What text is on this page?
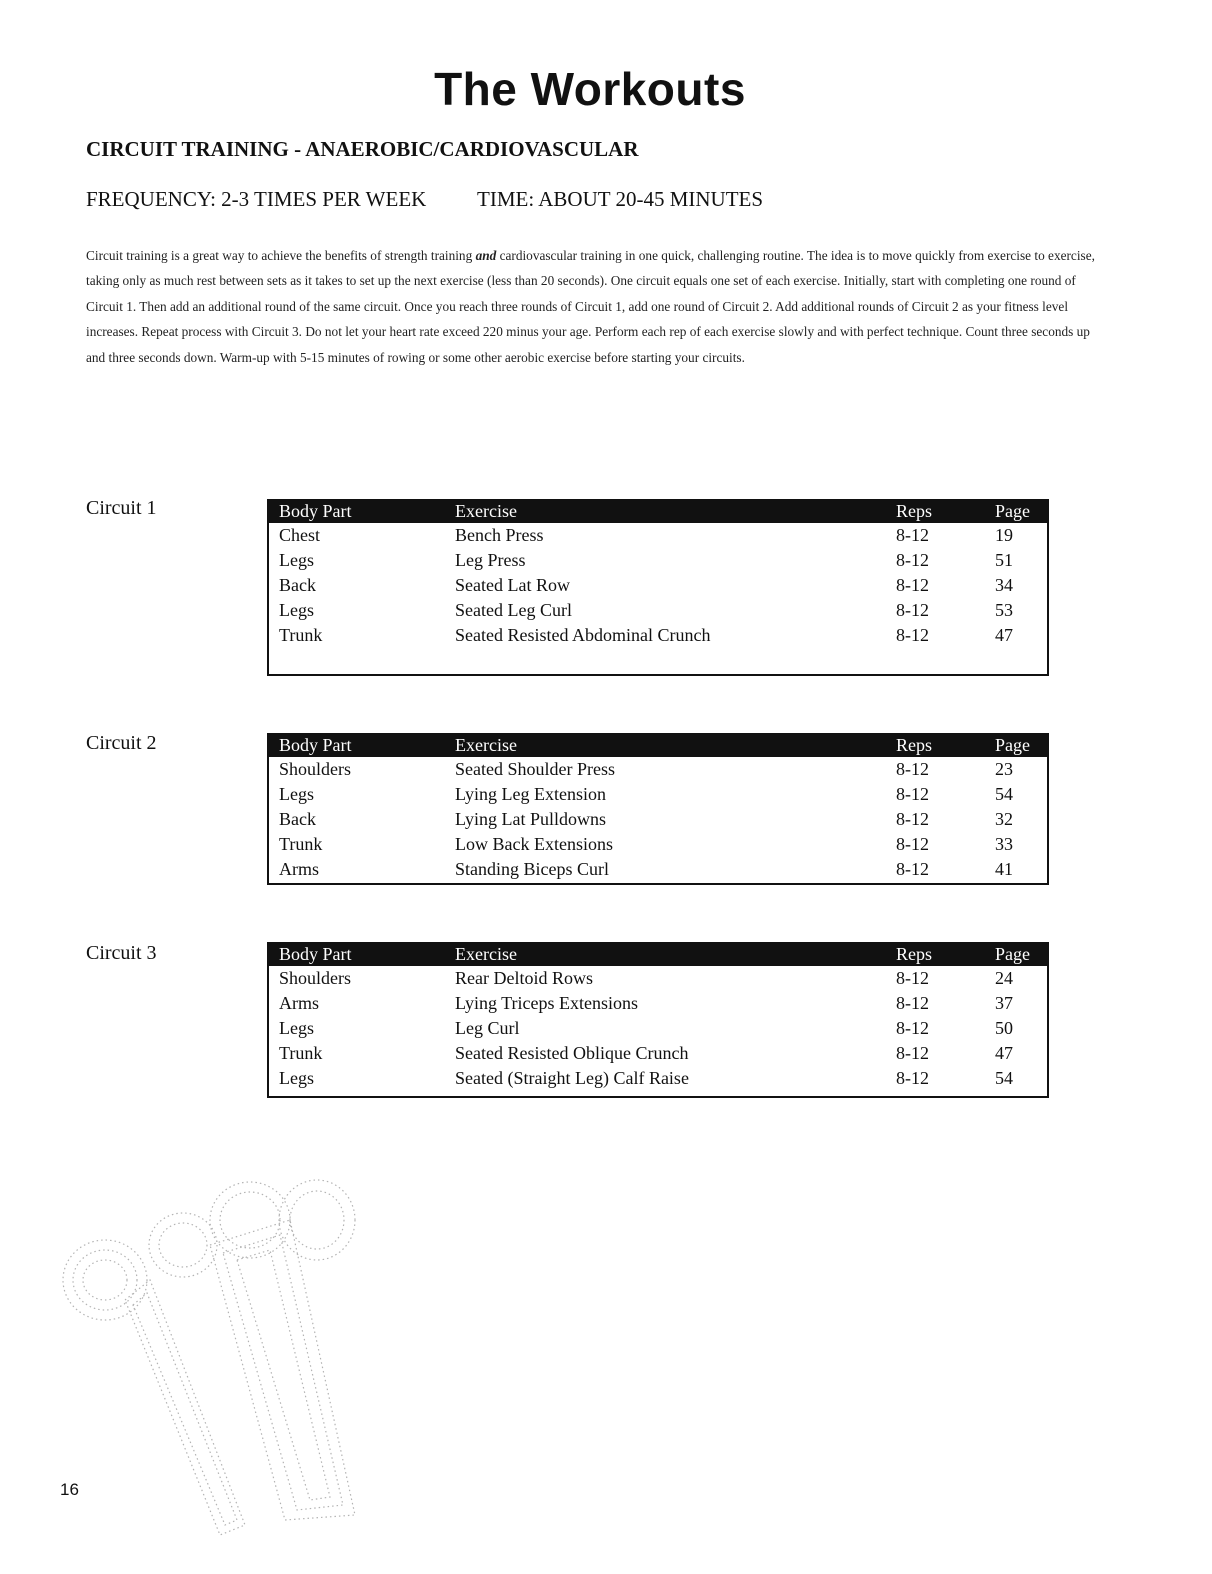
The Workouts
CIRCUIT TRAINING - ANAEROBIC/CARDIOVASCULAR

FREQUENCY: 2-3 TIMES PER WEEK TIME: ABOUT 20-45 MINUTES

Circuit training is a great way to achieve the benefits of strength training and cardiovascular training in one quick, challenging routine. The idea is to move quickly from exercise to exercise, taking only as much rest between sets as it takes to set up the next exercise (less than 20 seconds). One circuit equals one set of each exercise. Initially, start with completing one round of Circuit 1. Then add an additional round of the same circuit. Once you reach three rounds of Circuit 1, add one round of Circuit 2. Add additional rounds of Circuit 2 as your fitness level increases. Repeat process with Circuit 3. Do not let your heart rate exceed 220 minus your age. Perform each rep of each exercise slowly and with perfect technique. Count three seconds up and three seconds down. Warm-up with 5-15 minutes of rowing or some other aerobic exercise before starting your circuits.

Circuit 1	Body Part	Exercise	Reps	Page
Chest	Bench Press	8-12	19
Legs	Leg Press	8-12	51
Back	Seated Lat Row	8-12	34
Legs	Seated Leg Curl	8-12	53
Trunk	Seated Resisted Abdominal Crunch	8-12	47

Circuit 2	Body Part	Exercise	Reps	Page
Shoulders	Seated Shoulder Press	8-12	23
Legs	Lying Leg Extension	8-12	54
Back	Lying Lat Pulldowns	8-12	32
Trunk	Low Back Extensions	8-12	33
Arms	Standing Biceps Curl	8-12	41

Circuit 3	Body Part	Exercise	Reps	Page
Shoulders	Rear Deltoid Rows	8-12	24
Arms	Lying Triceps Extensions	8-12	37
Legs	Leg Curl	8-12	50
Trunk	Seated Resisted Oblique Crunch	8-12	47
Legs	Seated (Straight Leg) Calf Raise	8-12	54

16
